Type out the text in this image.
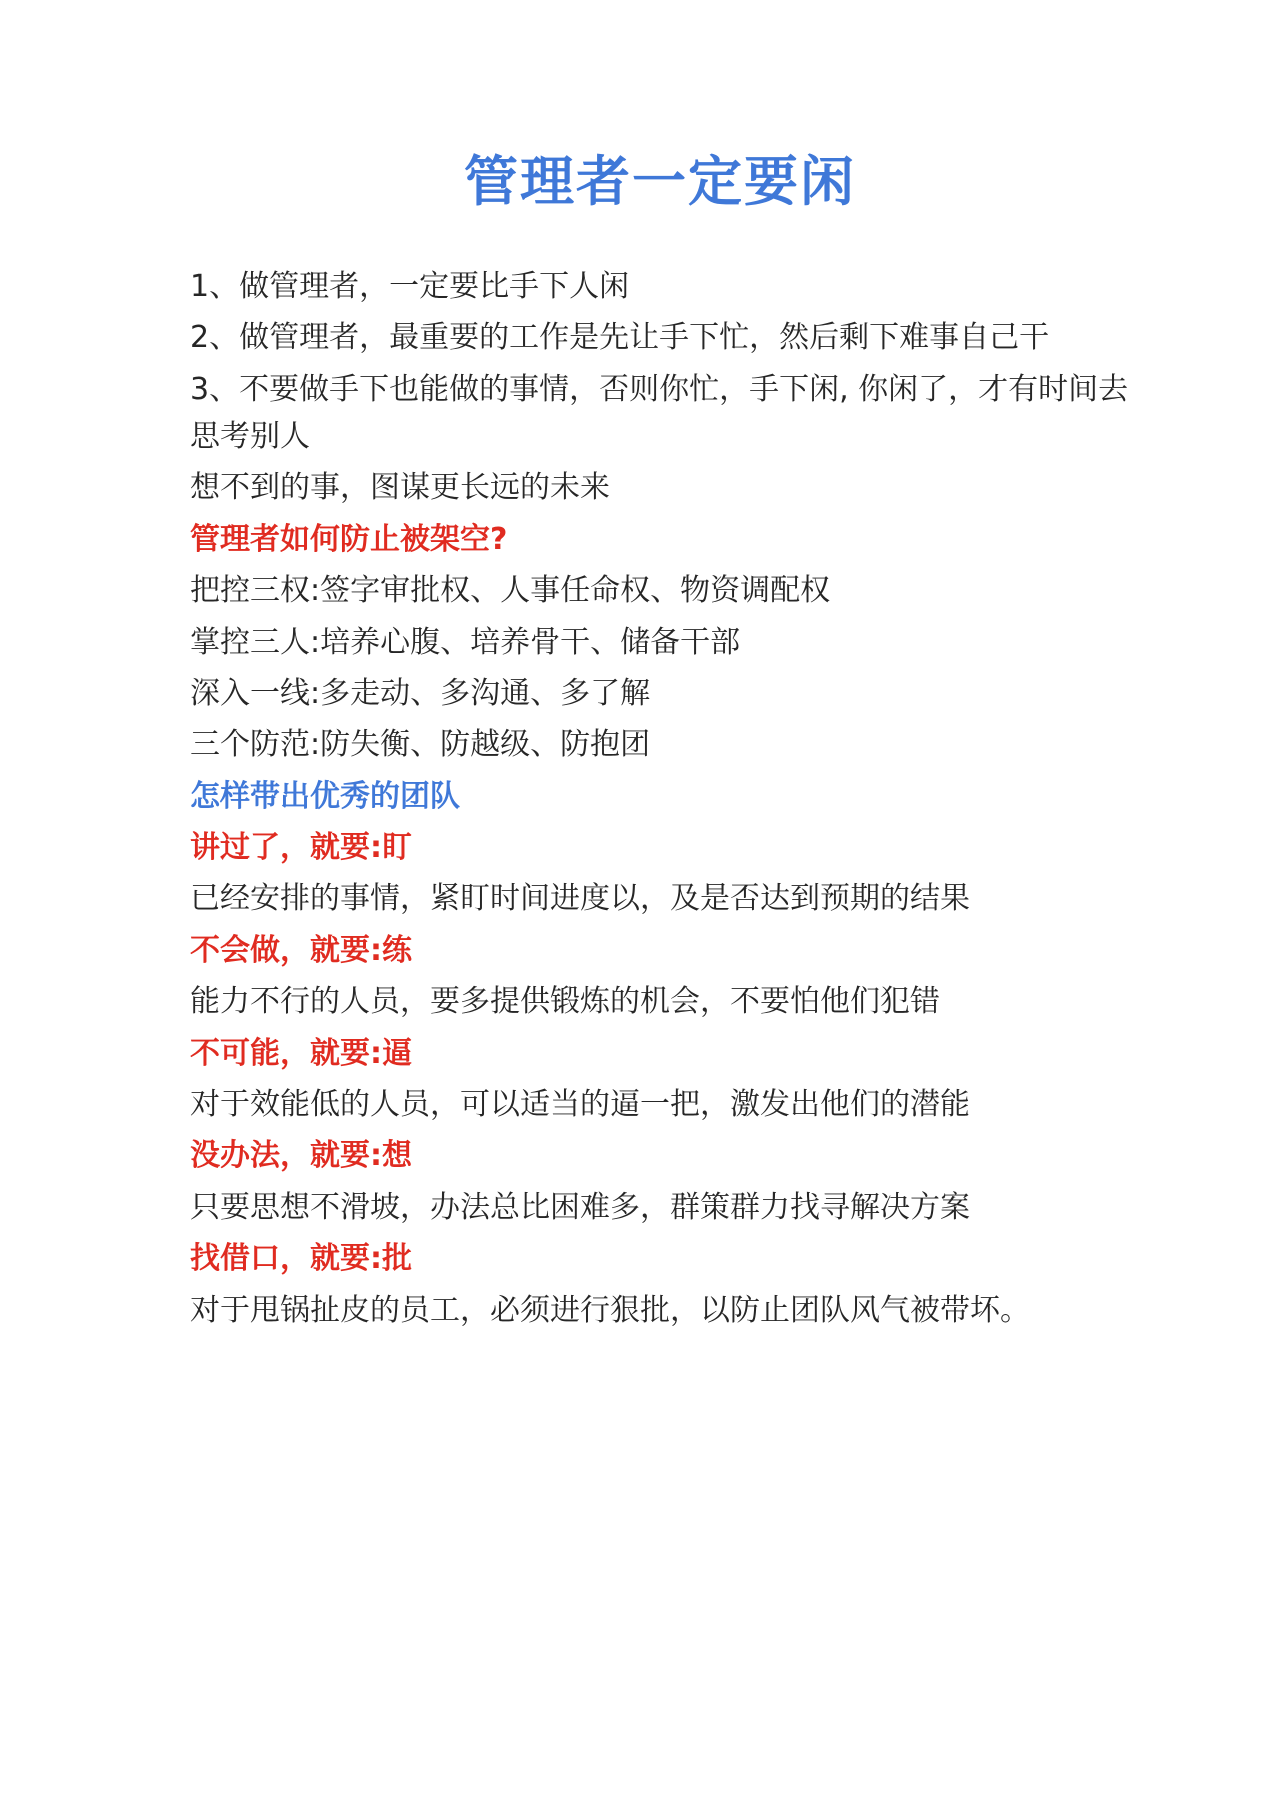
管理者一定要闲

1、做管理者，一定要比手下人闲

2、做管理者，最重要的工作是先让手下忙，然后剩下难事自己干

3、不要做手下也能做的事情，否则你忙，手下闲, 你闲了，才有时间去思考别人

想不到的事，图谋更长远的未来

管理者如何防止被架空?

把控三权:签字审批权、人事任命权、物资调配权

掌控三人:培养心腹、培养骨干、储备干部

深入一线:多走动、多沟通、多了解

三个防范:防失衡、防越级、防抱团

怎样带出优秀的团队

讲过了，就要:盯

已经安排的事情，紧盯时间进度以，及是否达到预期的结果

不会做，就要:练

能力不行的人员，要多提供锻炼的机会，不要怕他们犯错

不可能，就要:逼

对于效能低的人员，可以适当的逼一把，激发出他们的潜能

没办法，就要:想

只要思想不滑坡，办法总比困难多，群策群力找寻解决方案

找借口，就要:批

对于甩锅扯皮的员工，必须进行狠批，以防止团队风气被带坏。
